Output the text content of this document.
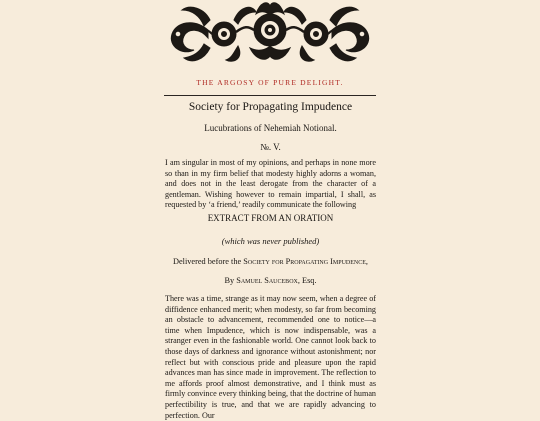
THE ARGOSY OF PURE DELIGHT.
Society for Propagating Impudence
Lucubrations of Nehemiah Notional.
№. V.
I am singular in most of my opinions, and perhaps in none more so than in my firm belief that modesty highly adorns a woman, and does not in the least derogate from the character of a gentleman. Wishing however to remain impartial, I shall, as requested by ‘a friend,’ readily communicate the following
EXTRACT FROM AN ORATION
(which was never published)
Delivered before the Society for Propagating Impudence,
By Samuel Saucebox, Esq.
There was a time, strange as it may now seem, when a degree of diffidence enhanced merit; when modesty, so far from becoming an obstacle to advancement, recommended one to notice—a time when Impudence, which is now indispensable, was a stranger even in the fashionable world. One cannot look back to those days of darkness and ignorance without astonishment; nor reflect but with conscious pride and pleasure upon the rapid advances man has since made in improvement. The reflection to me affords proof almost demonstrative, and I think must as firmly convince every thinking being, that the doctrine of human perfectibility is true, and that we are rapidly advancing to perfection. Our
